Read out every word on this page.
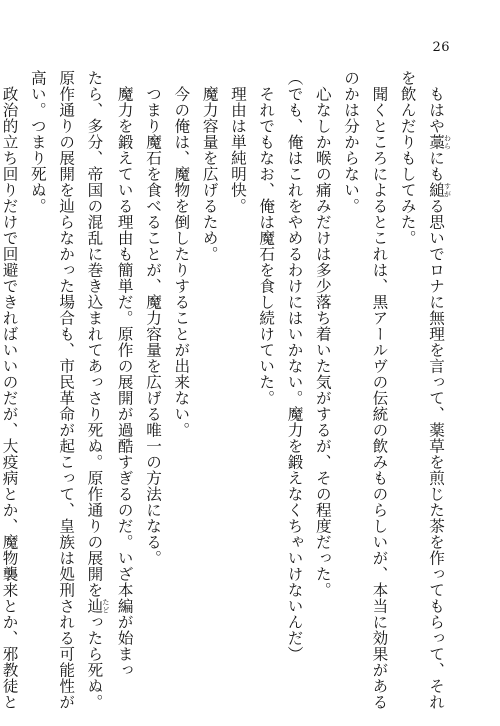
26
もはや藁わらにも縋すがる思いでロナに無理を言って、薬草を煎じた茶を作ってもらって、それ
を飲んだりもしてみた。
聞くところによるとこれは、黒アールヴの伝統の飲みものらしいが、本当に効果がある
のかは分からない。
心なしか喉の痛みだけは多少落ち着いた気がするが、その程度だった。
（でも、俺はこれをやめるわけにはいかない。魔力を鍛えなくちゃいけないんだ）
それでもなお、俺は魔石を食し続けていた。
理由は単純明快。
魔力容量を広げるため。
今の俺は、魔物を倒したりすることが出来ない。
つまり魔石を食べることが、魔力容量を広げる唯一の方法になる。
魔力を鍛えている理由も簡単だ。原作の展開が過酷すぎるのだ。いざ本編が始まっ
たら、多分、帝国の混乱に巻き込まれてあっさり死ぬ。原作通りの展開を辿たどったら死ぬ。
原作通りの展開を辿らなかった場合も、市民革命が起こって、皇族は処刑される可能性が
高い。つまり死ぬ。
政治的立ち回りだけで回避できればいいのだが、大疫病とか、魔物襲来とか、邪教徒と
